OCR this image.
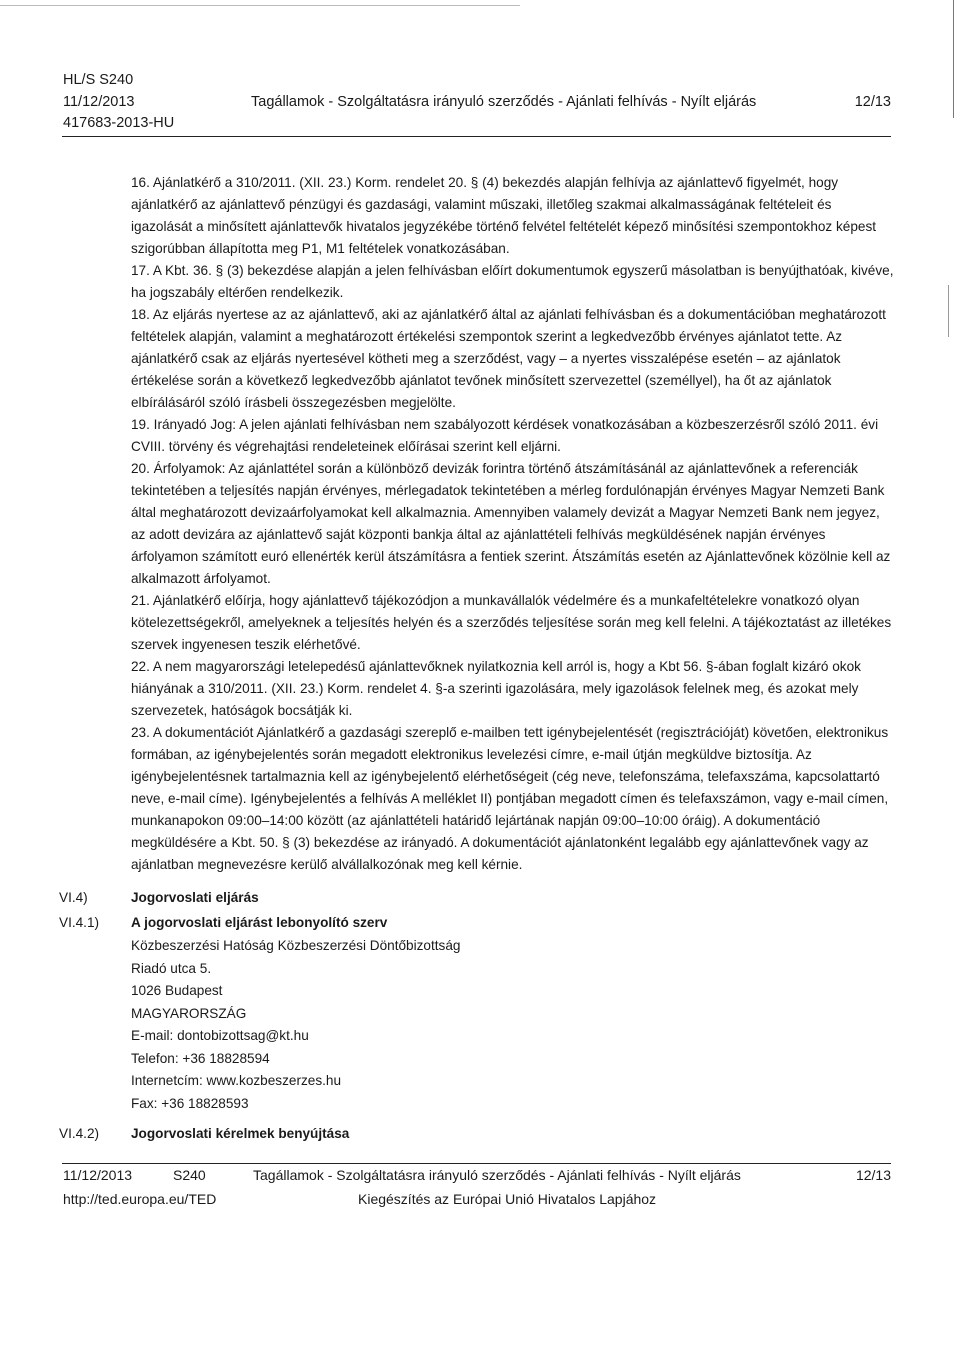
HL/S S240
11/12/2013
417683-2013-HU
Tagállamok - Szolgáltatásra irányuló szerződés - Ajánlati felhívás - Nyílt eljárás	12/13

16. Ajánlatkérő a 310/2011. (XII. 23.) Korm. rendelet 20. § (4) bekezdés alapján felhívja az ajánlattevő figyelmét, hogy ajánlatkérő az ajánlattevő pénzügyi és gazdasági, valamint műszaki, illetőleg szakmai alkalmasságának feltételeit és igazolását a minősített ajánlattevők hivatalos jegyzékébe történő felvétel feltételét képező minősítési szempontokhoz képest szigorúbban állapította meg P1, M1 feltételek vonatkozásában.

17. A Kbt. 36. § (3) bekezdése alapján a jelen felhívásban előírt dokumentumok egyszerű másolatban is benyújthatóak, kivéve, ha jogszabály eltérően rendelkezik.

18. Az eljárás nyertese az az ajánlattevő, aki az ajánlatkérő által az ajánlati felhívásban és a dokumentációban meghatározott feltételek alapján, valamint a meghatározott értékelési szempontok szerint a legkedvezőbb érvényes ajánlatot tette. Az ajánlatkérő csak az eljárás nyertesével kötheti meg a szerződést, vagy – a nyertes visszalépése esetén – az ajánlatok értékelése során a következő legkedvezőbb ajánlatot tevőnek minősített szervezettel (személlyel), ha őt az ajánlatok elbírálásáról szóló írásbeli összegezésben megjelölte.

19. Irányadó Jog: A jelen ajánlati felhívásban nem szabályozott kérdések vonatkozásában a közbeszerzésről szóló 2011. évi CVIII. törvény és végrehajtási rendeleteinek előírásai szerint kell eljárni.

20. Árfolyamok: Az ajánlattétel során a különböző devizák forintra történő átszámításánál az ajánlattevőnek a referenciák tekintetében a teljesítés napján érvényes, mérlegadatok tekintetében a mérleg fordulónapján érvényes Magyar Nemzeti Bank által meghatározott devizaárfolyamokat kell alkalmaznia. Amennyiben valamely devizát a Magyar Nemzeti Bank nem jegyez, az adott devizára az ajánlattevő saját központi bankja által az ajánlattételi felhívás megküldésének napján érvényes árfolyamon számított euró ellenérték kerül átszámításra a fentiek szerint. Átszámítás esetén az Ajánlattevőnek közölnie kell az alkalmazott árfolyamot.

21. Ajánlatkérő előírja, hogy ajánlattevő tájékozódjon a munkavállalók védelmére és a munkafeltételekre vonatkozó olyan kötelezettségekről, amelyeknek a teljesítés helyén és a szerződés teljesítése során meg kell felelni. A tájékoztatást az illetékes szervek ingyenesen teszik elérhetővé.

22. A nem magyarországi letelepedésű ajánlattevőknek nyilatkoznia kell arról is, hogy a Kbt 56. §-ában foglalt kizáró okok hiányának a 310/2011. (XII. 23.) Korm. rendelet 4. §-a szerinti igazolására, mely igazolások felelnek meg, és azokat mely szervezetek, hatóságok bocsátják ki.

23. A dokumentációt Ajánlatkérő a gazdasági szereplő e-mailben tett igénybejelentését (regisztrációját) követően, elektronikus formában, az igénybejelentés során megadott elektronikus levelezési címre, e-mail útján megküldve biztosítja. Az igénybejelentésnek tartalmaznia kell az igénybejelentő elérhetőségeit (cég neve, telefonszáma, telefaxszáma, kapcsolattartó neve, e-mail címe). Igénybejelentés a felhívás A melléklet II) pontjában megadott címen és telefaxszámon, vagy e-mail címen, munkanapokon 09:00–14:00 között (az ajánlattételi határidő lejártának napján 09:00–10:00 óráig). A dokumentáció megküldésére a Kbt. 50. § (3) bekezdése az irányadó. A dokumentációt ajánlatonként legalább egy ajánlattevőnek vagy az ajánlatban megnevezésre kerülő alvállalkozónak meg kell kérnie.

VI.4)	Jogorvoslati eljárás
VI.4.1)	A jogorvoslati eljárást lebonyolító szerv
Közbeszerzési Hatóság Közbeszerzési Döntőbizottság
Riadó utca 5.
1026 Budapest
MAGYARORSZÁG
E-mail: dontobizottsag@kt.hu
Telefon: +36 18828594
Internetcím: www.kozbeszerzes.hu
Fax: +36 18828593
VI.4.2)	Jogorvoslati kérelmek benyújtása
11/12/2013	S240
http://ted.europa.eu/TED
Tagállamok - Szolgáltatásra irányuló szerződés - Ajánlati felhívás - Nyílt eljárás
Kiegészítés az Európai Unió Hivatalos Lapjához
12/13
